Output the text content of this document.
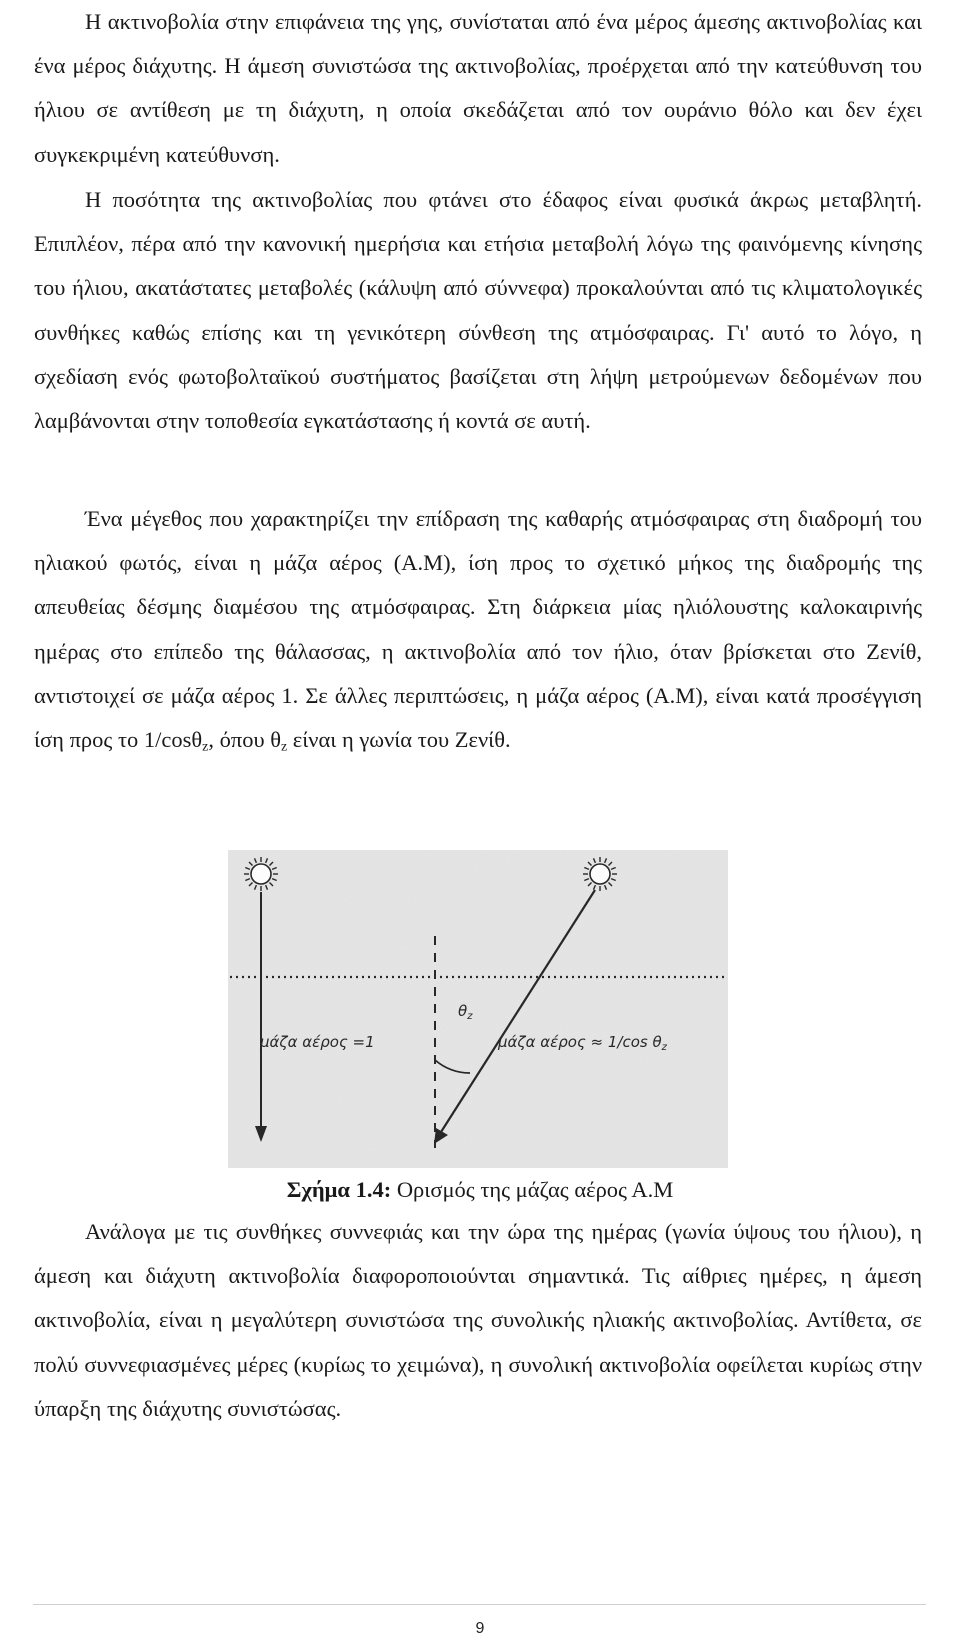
Η ακτινοβολία στην επιφάνεια της γης, συνίσταται από ένα μέρος άμεσης ακτινοβολίας και ένα μέρος διάχυτης. Η άμεση συνιστώσα της ακτινοβολίας, προέρχεται από την κατεύθυνση του ήλιου σε αντίθεση με τη διάχυτη, η οποία σκεδάζεται από τον ουράνιο θόλο και δεν έχει συγκεκριμένη κατεύθυνση.

Η ποσότητα της ακτινοβολίας που φτάνει στο έδαφος είναι φυσικά άκρως μεταβλητή. Επιπλέον, πέρα από την κανονική ημερήσια και ετήσια μεταβολή λόγω της φαινόμενης κίνησης του ήλιου, ακατάστατες μεταβολές (κάλυψη από σύννεφα) προκαλούνται από τις κλιματολογικές συνθήκες καθώς επίσης και τη γενικότερη σύνθεση της ατμόσφαιρας. Γι' αυτό το λόγο, η σχεδίαση ενός φωτοβολταϊκού συστήματος βασίζεται στη λήψη μετρούμενων δεδομένων που λαμβάνονται στην τοποθεσία εγκατάστασης ή κοντά σε αυτή.

Ένα μέγεθος που χαρακτηρίζει την επίδραση της καθαρής ατμόσφαιρας στη διαδρομή του ηλιακού φωτός, είναι η μάζα αέρος (Α.Μ), ίση προς το σχετικό μήκος της διαδρομής της απευθείας δέσμης διαμέσου της ατμόσφαιρας. Στη διάρκεια μίας ηλιόλουστης καλοκαιρινής ημέρας στο επίπεδο της θάλασσας, η ακτινοβολία από τον ήλιο, όταν βρίσκεται στο Ζενίθ, αντιστοιχεί σε μάζα αέρος 1. Σε άλλες περιπτώσεις, η μάζα αέρος (Α.Μ), είναι κατά προσέγγιση ίση προς το 1/cosθ$_z$, όπου $\theta_z$ είναι η γωνία του Ζενίθ.

Σχήμα 1.4: Ορισμός της μάζας αέρος Α.Μ

Ανάλογα με τις συνθήκες συννεφιάς και την ώρα της ημέρας (γωνία ύψους του ήλιου), η άμεση και διάχυτη ακτινοβολία διαφοροποιούνται σημαντικά. Τις αίθριες ημέρες, η άμεση ακτινοβολία, είναι η μεγαλύτερη συνιστώσα της συνολικής ηλιακής ακτινοβολίας. Αντίθετα, σε πολύ συννεφιασμένες μέρες (κυρίως το χειμώνα), η συνολική ακτινοβολία οφείλεται κυρίως στην ύπαρξη της διάχυτης συνιστώσας.

9
